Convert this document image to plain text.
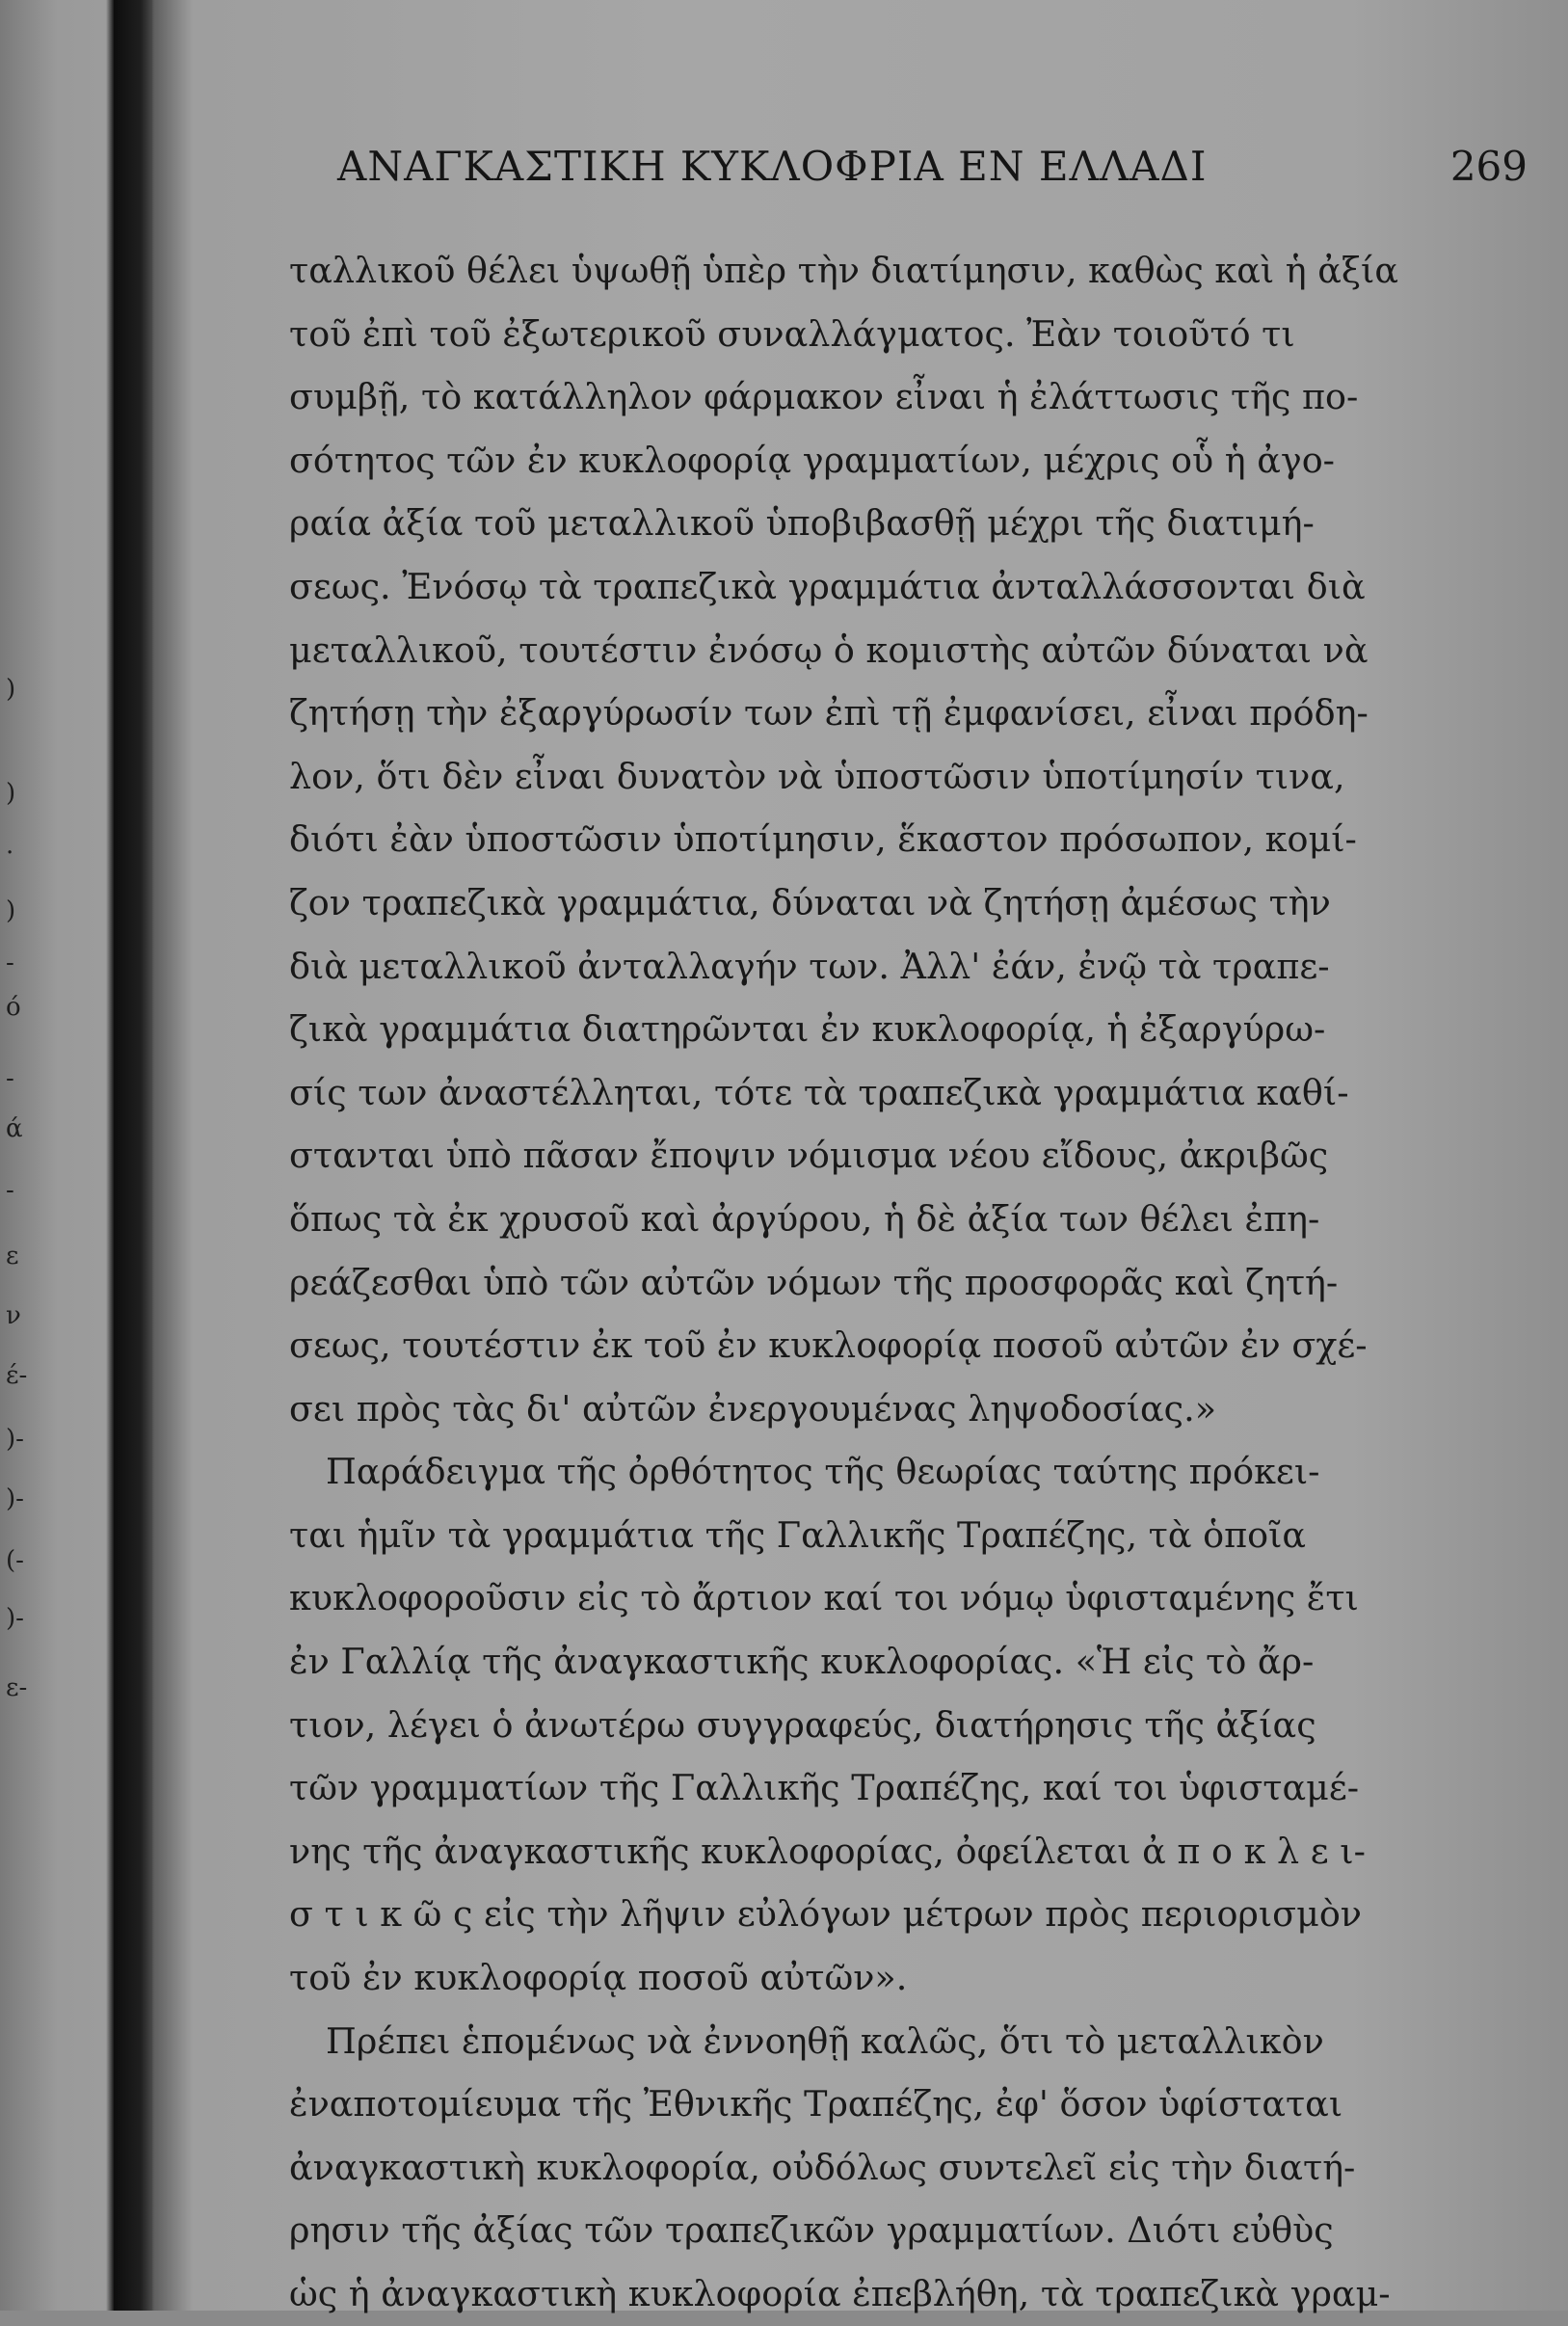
)
)
.
)
-
ό
-
ά
-
ε
ν
έ-
)-
)-
(-
)-
ε-
ΑΝΑΓΚΑΣΤΙΚΗ ΚΥΚΛΟΦΡΙΑ ΕΝ ΕΛΛΑΔΙ	269
ταλλικοῦ θέλει ὑψωθῇ ὑπὲρ τὴν διατίμησιν, καθὼς καὶ ἡ ἀξία
τοῦ ἐπὶ τοῦ ἐξωτερικοῦ συναλλάγματος. Ἐὰν τοιοῦτό τι
συμβῇ, τὸ κατάλληλον φάρμακον εἶναι ἡ ἐλάττωσις τῆς πο-
σότητος τῶν ἐν κυκλοφορίᾳ γραμματίων, μέχρις οὗ ἡ ἀγο-
ραία ἀξία τοῦ μεταλλικοῦ ὑποβιβασθῇ μέχρι τῆς διατιμή-
σεως. Ἐνόσῳ τὰ τραπεζικὰ γραμμάτια ἀνταλλάσσονται διὰ
μεταλλικοῦ, τουτέστιν ἐνόσῳ ὁ κομιστὴς αὐτῶν δύναται νὰ
ζητήσῃ τὴν ἐξαργύρωσίν των ἐπὶ τῇ ἐμφανίσει, εἶναι πρόδη-
λον, ὅτι δὲν εἶναι δυνατὸν νὰ ὑποστῶσιν ὑποτίμησίν τινα,
διότι ἐὰν ὑποστῶσιν ὑποτίμησιν, ἕκαστον πρόσωπον, κομί-
ζον τραπεζικὰ γραμμάτια, δύναται νὰ ζητήσῃ ἀμέσως τὴν
διὰ μεταλλικοῦ ἀνταλλαγήν των. Ἀλλ' ἐάν, ἐνῷ τὰ τραπε-
ζικὰ γραμμάτια διατηρῶνται ἐν κυκλοφορίᾳ, ἡ ἐξαργύρω-
σίς των ἀναστέλληται, τότε τὰ τραπεζικὰ γραμμάτια καθί-
στανται ὑπὸ πᾶσαν ἔποψιν νόμισμα νέου εἴδους, ἀκριβῶς
ὅπως τὰ ἐκ χρυσοῦ καὶ ἀργύρου, ἡ δὲ ἀξία των θέλει ἐπη-
ρεάζεσθαι ὑπὸ τῶν αὐτῶν νόμων τῆς προσφορᾶς καὶ ζητή-
σεως, τουτέστιν ἐκ τοῦ ἐν κυκλοφορίᾳ ποσοῦ αὐτῶν ἐν σχέ-
σει πρὸς τὰς δι' αὐτῶν ἐνεργουμένας ληψοδοσίας.»
Παράδειγμα τῆς ὀρθότητος τῆς θεωρίας ταύτης πρόκει-
ται ἡμῖν τὰ γραμμάτια τῆς Γαλλικῆς Τραπέζης, τὰ ὁποῖα
κυκλοφοροῦσιν εἰς τὸ ἄρτιον καί τοι νόμῳ ὑφισταμένης ἔτι
ἐν Γαλλίᾳ τῆς ἀναγκαστικῆς κυκλοφορίας. «Ἡ εἰς τὸ ἄρ-
τιον, λέγει ὁ ἀνωτέρω συγγραφεύς, διατήρησις τῆς ἀξίας
τῶν γραμματίων τῆς Γαλλικῆς Τραπέζης, καί τοι ὑφισταμέ-
νης τῆς ἀναγκαστικῆς κυκλοφορίας, ὀφείλεται ἀ π ο κ λ ε ι-
σ τ ι κ ῶ ς εἰς τὴν λῆψιν εὐλόγων μέτρων πρὸς περιορισμὸν
τοῦ ἐν κυκλοφορίᾳ ποσοῦ αὐτῶν».
Πρέπει ἑπομένως νὰ ἐννοηθῇ καλῶς, ὅτι τὸ μεταλλικὸν
ἐναποτομίευμα τῆς Ἐθνικῆς Τραπέζης, ἐφ' ὅσον ὑφίσταται
ἀναγκαστικὴ κυκλοφορία, οὐδόλως συντελεῖ εἰς τὴν διατή-
ρησιν τῆς ἀξίας τῶν τραπεζικῶν γραμματίων. Διότι εὐθὺς
ὡς ἡ ἀναγκαστικὴ κυκλοφορία ἐπεβλήθη, τὰ τραπεζικὰ γραμ-
